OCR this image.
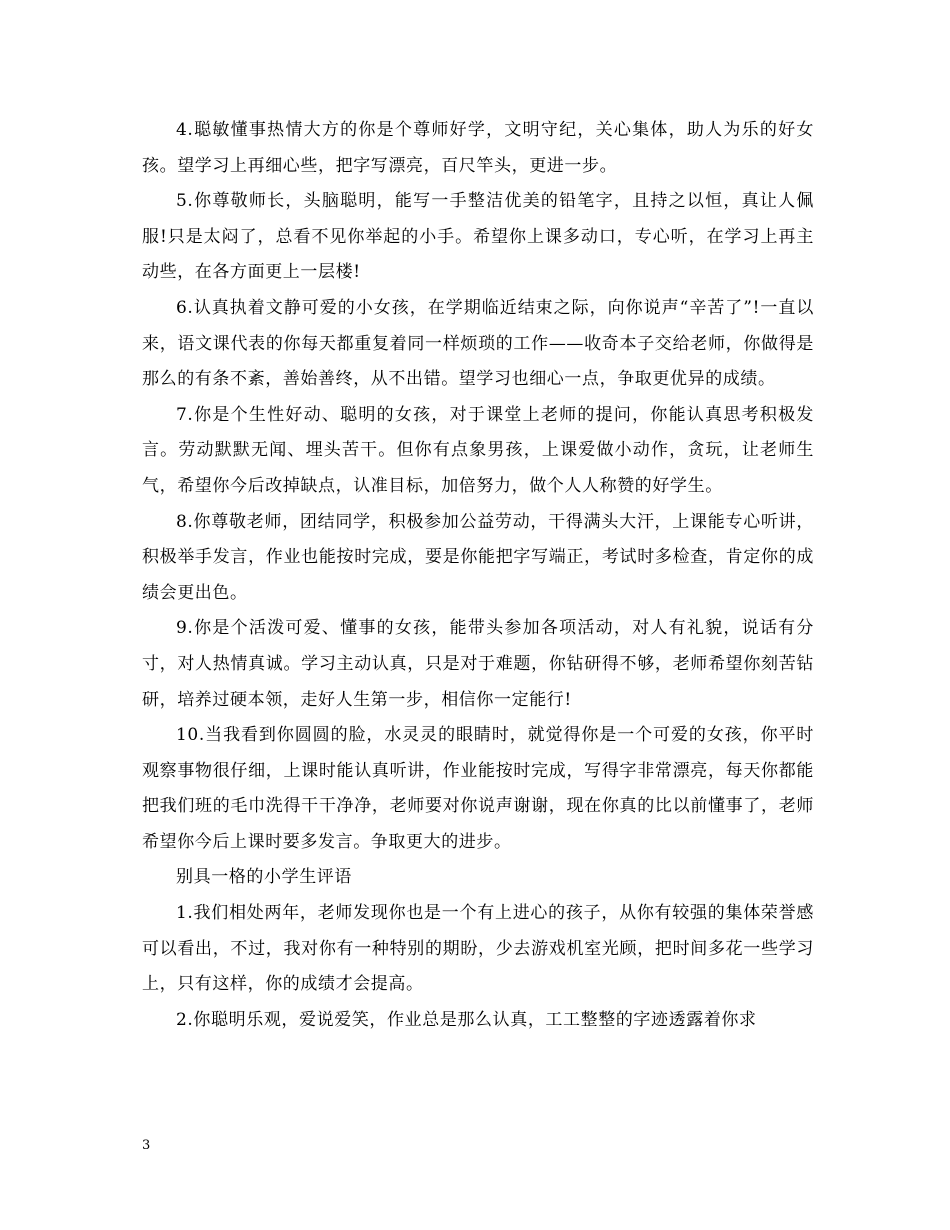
4.聪敏懂事热情大方的你是个尊师好学，文明守纪，关心集体，助人为乐的好女孩。望学习上再细心些，把字写漂亮，百尺竿头，更进一步。

5.你尊敬师长，头脑聪明，能写一手整洁优美的铅笔字，且持之以恒，真让人佩服!只是太闷了，总看不见你举起的小手。希望你上课多动口，专心听，在学习上再主动些，在各方面更上一层楼!

6.认真执着文静可爱的小女孩，在学期临近结束之际，向你说声“辛苦了”!一直以来，语文课代表的你每天都重复着同一样烦琐的工作——收奇本子交给老师，你做得是那么的有条不紊，善始善终，从不出错。望学习也细心一点，争取更优异的成绩。

7.你是个生性好动、聪明的女孩，对于课堂上老师的提问，你能认真思考积极发言。劳动默默无闻、埋头苦干。但你有点象男孩，上课爱做小动作，贪玩，让老师生气，希望你今后改掉缺点，认准目标，加倍努力，做个人人称赞的好学生。

8.你尊敬老师，团结同学，积极参加公益劳动，干得满头大汗，上课能专心听讲，积极举手发言，作业也能按时完成，要是你能把字写端正，考试时多检查，肯定你的成绩会更出色。

9.你是个活泼可爱、懂事的女孩，能带头参加各项活动，对人有礼貌，说话有分寸，对人热情真诚。学习主动认真，只是对于难题，你钻研得不够，老师希望你刻苦钻研，培养过硬本领，走好人生第一步，相信你一定能行!

10.当我看到你圆圆的脸，水灵灵的眼睛时，就觉得你是一个可爱的女孩，你平时观察事物很仔细，上课时能认真听讲，作业能按时完成，写得字非常漂亮，每天你都能把我们班的毛巾洗得干干净净，老师要对你说声谢谢，现在你真的比以前懂事了，老师希望你今后上课时要多发言。争取更大的进步。

别具一格的小学生评语

1.我们相处两年，老师发现你也是一个有上进心的孩子，从你有较强的集体荣誉感可以看出，不过，我对你有一种特别的期盼，少去游戏机室光顾，把时间多花一些学习上，只有这样，你的成绩才会提高。

2.你聪明乐观，爱说爱笑，作业总是那么认真，工工整整的字迹透露着你求

3
